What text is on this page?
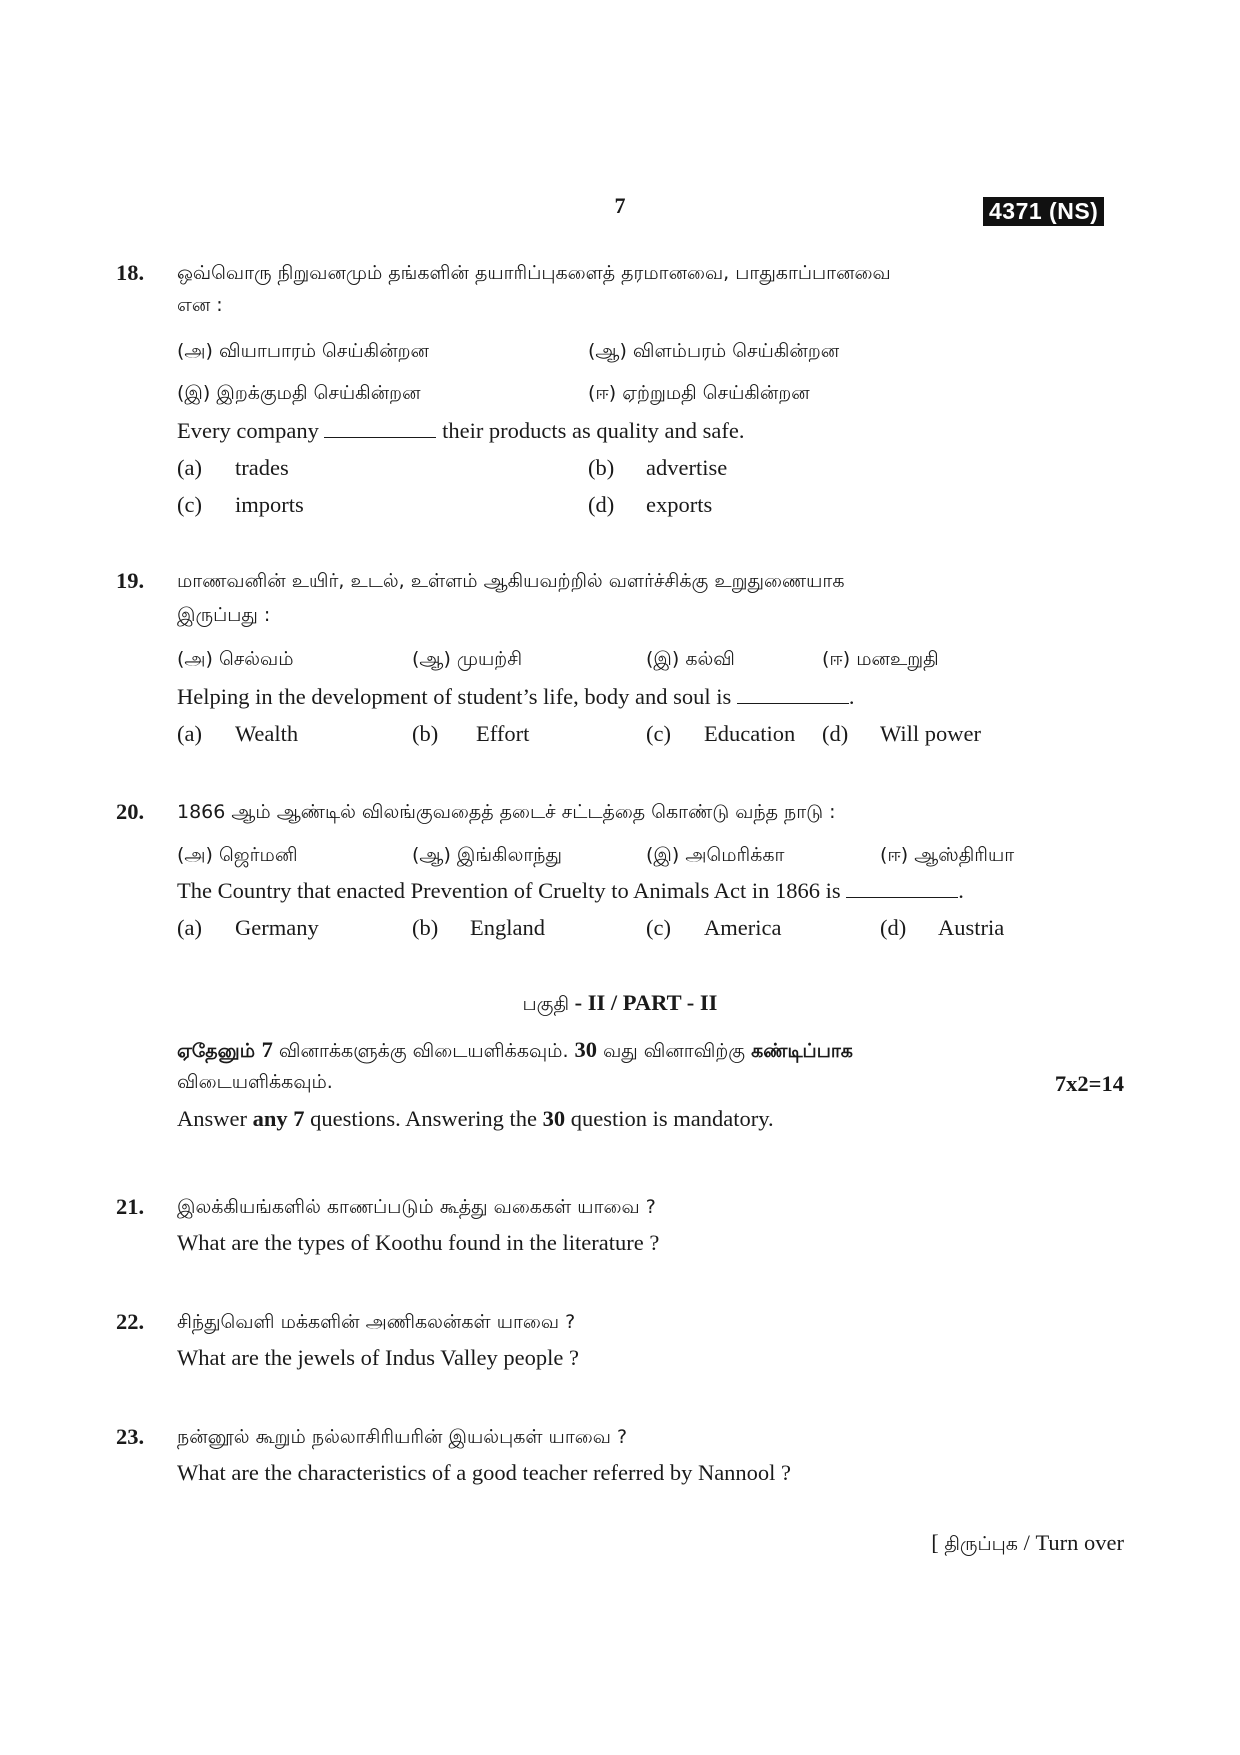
7	4371 (NS)
18. ஒவ்வொரு நிறுவனமும் தங்களின் தயாரிப்புகளைத் தரமானவை, பாதுகாப்பானவை
என :
(அ) வியாபாரம் செய்கின்றன	(ஆ) விளம்பரம் செய்கின்றன
(இ) இறக்குமதி செய்கின்றன	(ஈ) ஏற்றுமதி செய்கின்றன
Every company	their products as quality and safe.
(a) trades	(b) advertise
(c) imports	(d) exports
19. மாணவனின் உயிர், உடல், உள்ளம் ஆகியவற்றில் வளர்ச்சிக்கு உறுதுணையாக
இருப்பது :
(அ) செல்வம்	(ஆ) முயற்சி	(இ) கல்வி	(ஈ) மனஉறுதி
Helping in the development of student’s life, body and soul is	.
(a) Wealth	(b) Effort	(c) Education (d) Will power
20. 1866 ஆம் ஆண்டில் விலங்குவதைத் தடைச் சட்டத்தை கொண்டு வந்த நாடு :
(அ) ஜெர்மனி	(ஆ) இங்கிலாந்து	(இ) அமெரிக்கா	(ஈ) ஆஸ்திரியா
The Country that enacted Prevention of Cruelty to Animals Act in 1866 is	.
(a) Germany	(b) England	(c) America	(d) Austria
பகுதி - II / PART - II
ஏதேனும் 7 வினாக்களுக்கு விடையளிக்கவும். 30 வது வினாவிற்கு கண்டிப்பாக
விடையளிக்கவும்.	7x2=14
Answer any 7 questions. Answering the 30 question is mandatory.
21. இலக்கியங்களில் காணப்படும் கூத்து வகைகள் யாவை ?
What are the types of Koothu found in the literature ?
22. சிந்துவெளி மக்களின் அணிகலன்கள் யாவை ?
What are the jewels of Indus Valley people ?
23. நன்னூல் கூறும் நல்லாசிரியரின் இயல்புகள் யாவை ?
What are the characteristics of a good teacher referred by Nannool ?
[ திருப்புக / Turn over
